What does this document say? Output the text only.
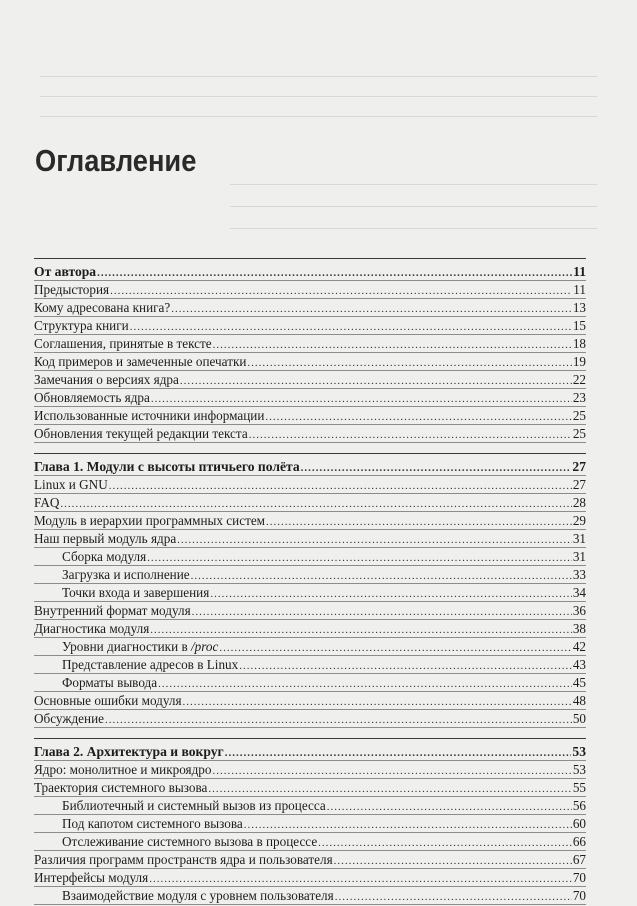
Оглавление
От автора .....	11
Предыстория .....	11
Кому адресована книга? .....	13
Структура книги .....	15
Соглашения, принятые в тексте .....	18
Код примеров и замеченные опечатки .....	19
Замечания о версиях ядра .....	22
Обновляемость ядра .....	23
Использованные источники информации .....	25
Обновления текущей редакции текста .....	25
Глава 1. Модули с высоты птичьего полёта .....	27
Linux и GNU .....	27
FAQ .....	28
Модуль в иерархии программных систем .....	29
Наш первый модуль ядра .....	31
Сборка модуля .....	31
Загрузка и исполнение .....	33
Точки входа и завершения .....	34
Внутренний формат модуля .....	36
Диагностика модуля .....	38
Уровни диагностики в /proc .....	42
Представление адресов в Linux .....	43
Форматы вывода .....	45
Основные ошибки модуля .....	48
Обсуждение .....	50
Глава 2. Архитектура и вокруг .....	53
Ядро: монолитное и микроядро .....	53
Траектория системного вызова .....	55
Библиотечный и системный вызов из процесса .....	56
Под капотом системного вызова .....	60
Отслеживание системного вызова в процессе .....	66
Различия программ пространств ядра и пользователя .....	67
Интерфейсы модуля .....	70
Взаимодействие модуля с уровнем пользователя .....	70
